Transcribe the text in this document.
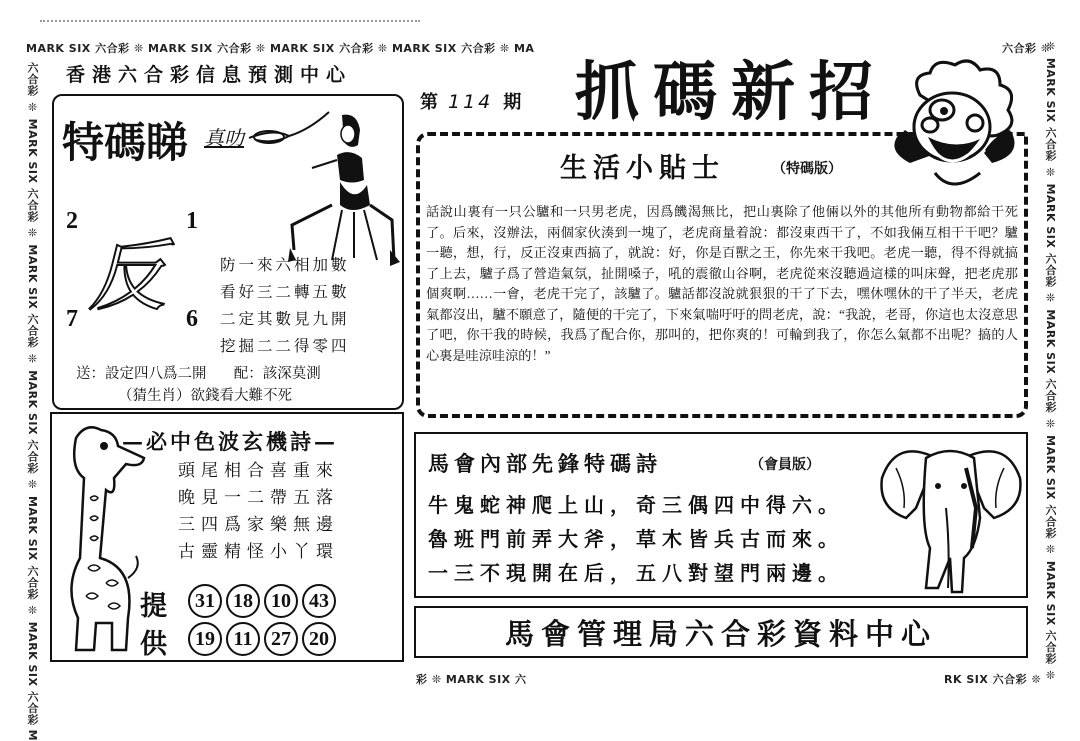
MARK SIX 六合彩 ❊ MARK SIX 六合彩 ❊ MARK SIX 六合彩 ❊ MARK SIX 六合彩 ❊ MA	六合彩 ❊
六合彩 ❊ MARK SIX 六合彩 ❊ MARK SIX 六合彩 ❊ MARK SIX 六合彩 ❊ MARK SIX 六合彩 ❊ MARK SIX 六合彩 M	❊ MARK SIX 六合彩 ❊ MARK SIX 六合彩 ❊ MARK SIX 六合彩 ❊ MARK SIX 六合彩 ❊ MARK SIX 六合彩 ❊
彩 ❊ MARK SIX 六	RK SIX 六合彩 ❊
香港六合彩信息預測中心
第 114 期 抓碼新招
特碼睇 真叻
2	1
7	6
反	防一來六相加數
看好三二轉五數
二定其數見九開
挖掘二二得零四
送：設定四八爲二開 配：該深莫測
（猜生肖）欲錢看大難不死
生活小貼士	（特碼版）
話說山裏有一只公驢和一只男老虎，因爲饑渴無比，把山裏除了他倆以外的其他所有動物都給干死了。后來，沒辦法，兩個家伙湊到一塊了，老虎商量着說：都沒東西干了，不如我倆互相干干吧？驢一聽，想，行，反正沒東西搞了，就說：好，你是百獸之王，你先來干我吧。老虎一聽，得不得就搞了上去，驢子爲了營造氣氛，扯開嗓子，吼的震徹山谷啊，老虎從來沒聽過這樣的叫床聲，把老虎那個爽啊……一會，老虎干完了，該驢了。驢話都沒說就狠狠的干了下去，嘿休嘿休的干了半天，老虎氣都沒出，驢不願意了，隨便的干完了，下來氣喘吁吁的問老虎，說：“我說，老哥，你這也太沒意思了吧，你干我的時候，我爲了配合你，那叫的，把你爽的！可輪到我了，你怎么氣都不出呢？搞的人心裏是哇涼哇涼的！”
—必中色波玄機詩—
頭尾相合喜重來
晚見一二帶五落
三四爲家樂無邊
古靈精怪小丫環
提
供
31 18 10 43
19 11 27 20
馬會內部先鋒特碼詩	（會員版）
牛鬼蛇神爬上山，奇三偶四中得六。
魯班門前弄大斧，草木皆兵古而來。
一三不現開在后，五八對望門兩邊。
馬會管理局六合彩資料中心
